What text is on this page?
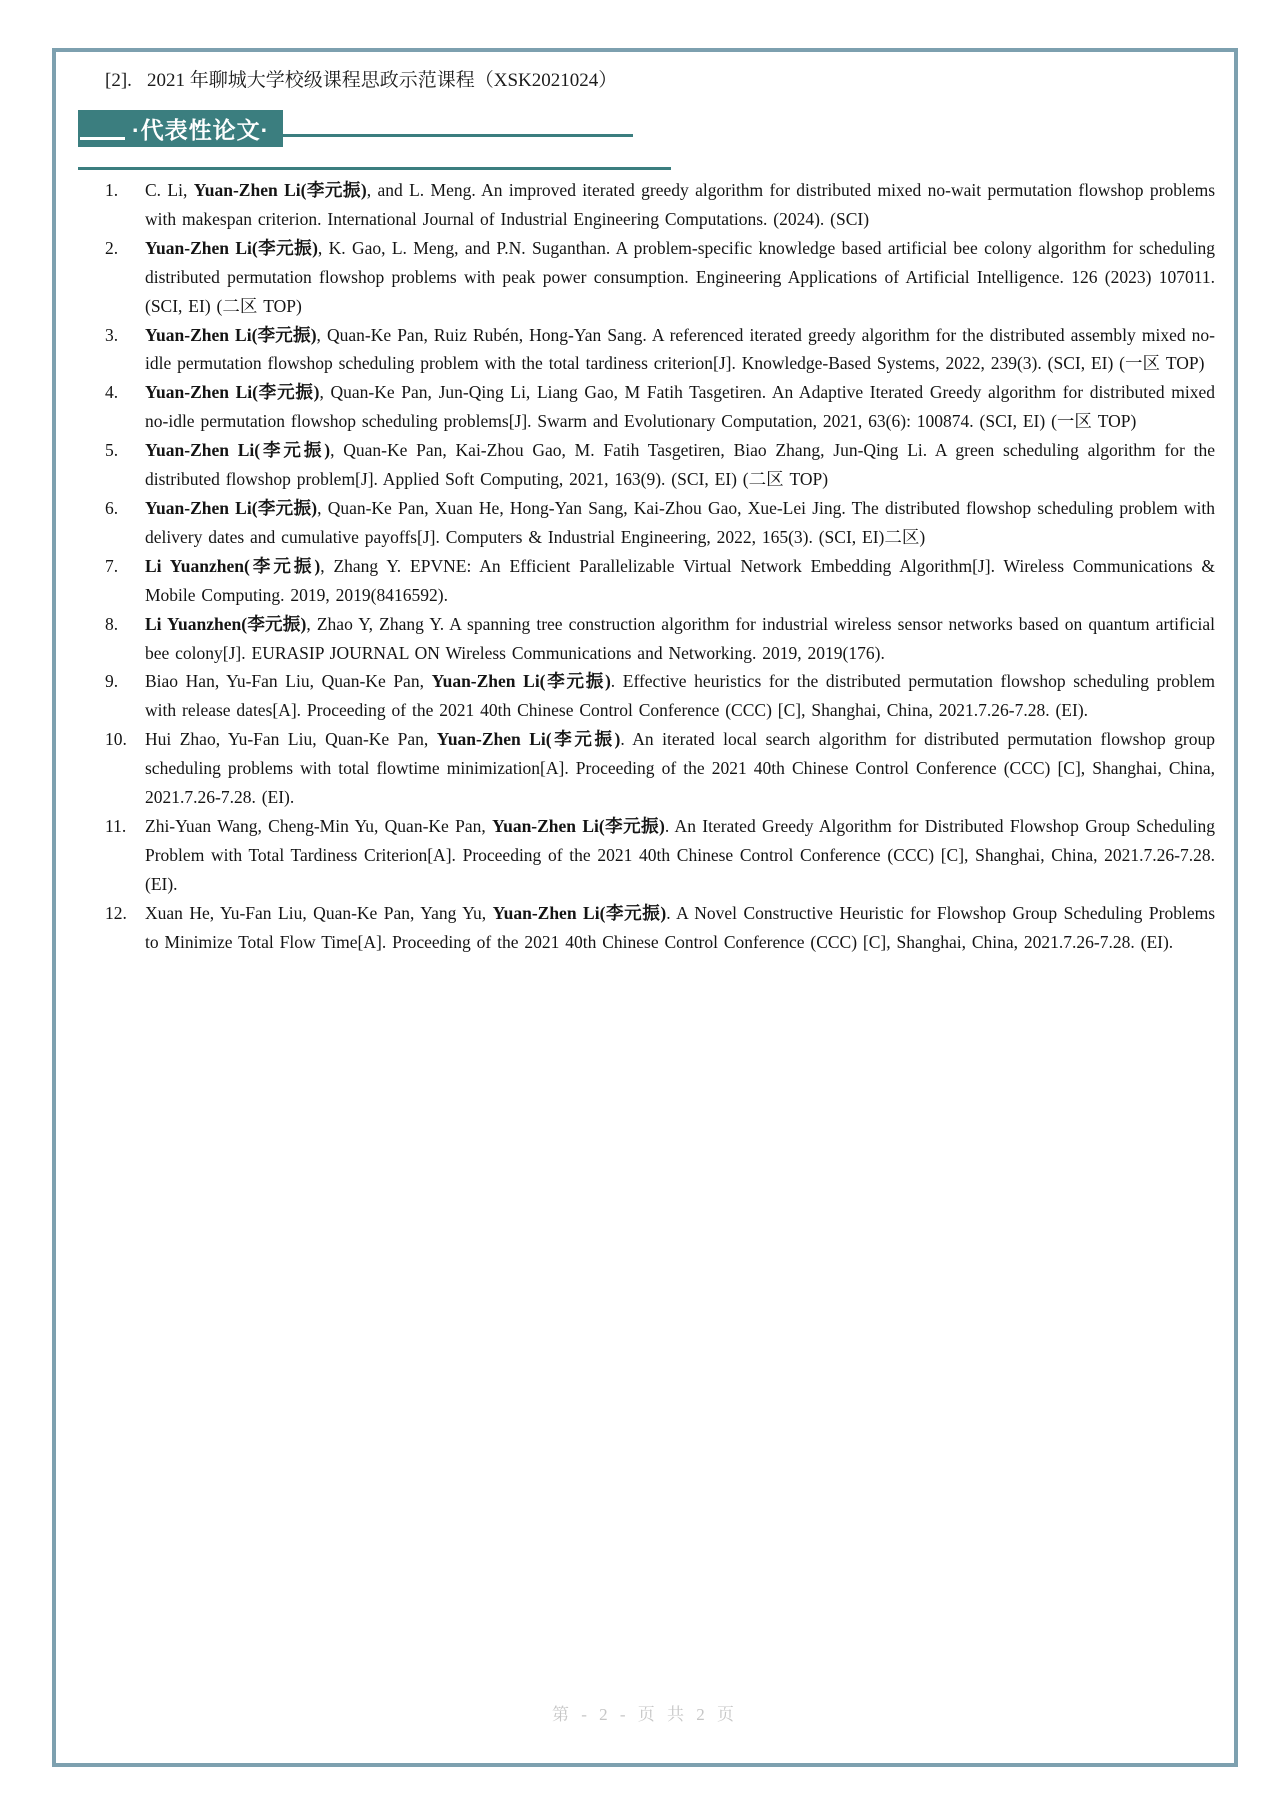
[2]. 2021 年聊城大学校级课程思政示范课程（XSK2021024）
·代表性论文·
1.	C. Li, Yuan-Zhen Li(李元振), and L. Meng. An improved iterated greedy algorithm for distributed mixed no-wait permutation flowshop problems with makespan criterion. International Journal of Industrial Engineering Computations. (2024). (SCI)
2.	Yuan-Zhen Li(李元振), K. Gao, L. Meng, and P.N. Suganthan. A problem-specific knowledge based artificial bee colony algorithm for scheduling distributed permutation flowshop problems with peak power consumption. Engineering Applications of Artificial Intelligence. 126 (2023) 107011. (SCI, EI) (二区 TOP)
3.	Yuan-Zhen Li(李元振), Quan-Ke Pan, Ruiz Rubén, Hong-Yan Sang. A referenced iterated greedy algorithm for the distributed assembly mixed no-idle permutation flowshop scheduling problem with the total tardiness criterion[J]. Knowledge-Based Systems, 2022, 239(3). (SCI, EI) (一区 TOP)
4.	Yuan-Zhen Li(李元振), Quan-Ke Pan, Jun-Qing Li, Liang Gao, M Fatih Tasgetiren. An Adaptive Iterated Greedy algorithm for distributed mixed no-idle permutation flowshop scheduling problems[J]. Swarm and Evolutionary Computation, 2021, 63(6): 100874. (SCI, EI) (一区 TOP)
5.	Yuan-Zhen Li(李元振), Quan-Ke Pan, Kai-Zhou Gao, M. Fatih Tasgetiren, Biao Zhang, Jun-Qing Li. A green scheduling algorithm for the distributed flowshop problem[J]. Applied Soft Computing, 2021, 163(9). (SCI, EI) (二区 TOP)
6.	Yuan-Zhen Li(李元振), Quan-Ke Pan, Xuan He, Hong-Yan Sang, Kai-Zhou Gao, Xue-Lei Jing. The distributed flowshop scheduling problem with delivery dates and cumulative payoffs[J]. Computers & Industrial Engineering, 2022, 165(3). (SCI, EI)二区)
7.	Li Yuanzhen(李元振), Zhang Y. EPVNE: An Efficient Parallelizable Virtual Network Embedding Algorithm[J]. Wireless Communications & Mobile Computing. 2019, 2019(8416592).
8.	Li Yuanzhen(李元振), Zhao Y, Zhang Y. A spanning tree construction algorithm for industrial wireless sensor networks based on quantum artificial bee colony[J]. EURASIP JOURNAL ON Wireless Communications and Networking. 2019, 2019(176).
9.	Biao Han, Yu-Fan Liu, Quan-Ke Pan, Yuan-Zhen Li(李元振). Effective heuristics for the distributed permutation flowshop scheduling problem with release dates[A]. Proceeding of the 2021 40th Chinese Control Conference (CCC) [C], Shanghai, China, 2021.7.26-7.28. (EI).
10.	Hui Zhao, Yu-Fan Liu, Quan-Ke Pan, Yuan-Zhen Li(李元振). An iterated local search algorithm for distributed permutation flowshop group scheduling problems with total flowtime minimization[A]. Proceeding of the 2021 40th Chinese Control Conference (CCC) [C], Shanghai, China, 2021.7.26-7.28. (EI).
11.	Zhi-Yuan Wang, Cheng-Min Yu, Quan-Ke Pan, Yuan-Zhen Li(李元振). An Iterated Greedy Algorithm for Distributed Flowshop Group Scheduling Problem with Total Tardiness Criterion[A]. Proceeding of the 2021 40th Chinese Control Conference (CCC) [C], Shanghai, China, 2021.7.26-7.28. (EI).
12.	Xuan He, Yu-Fan Liu, Quan-Ke Pan, Yang Yu, Yuan-Zhen Li(李元振). A Novel Constructive Heuristic for Flowshop Group Scheduling Problems to Minimize Total Flow Time[A]. Proceeding of the 2021 40th Chinese Control Conference (CCC) [C], Shanghai, China, 2021.7.26-7.28. (EI).
第 - 2 - 页 共 2 页
